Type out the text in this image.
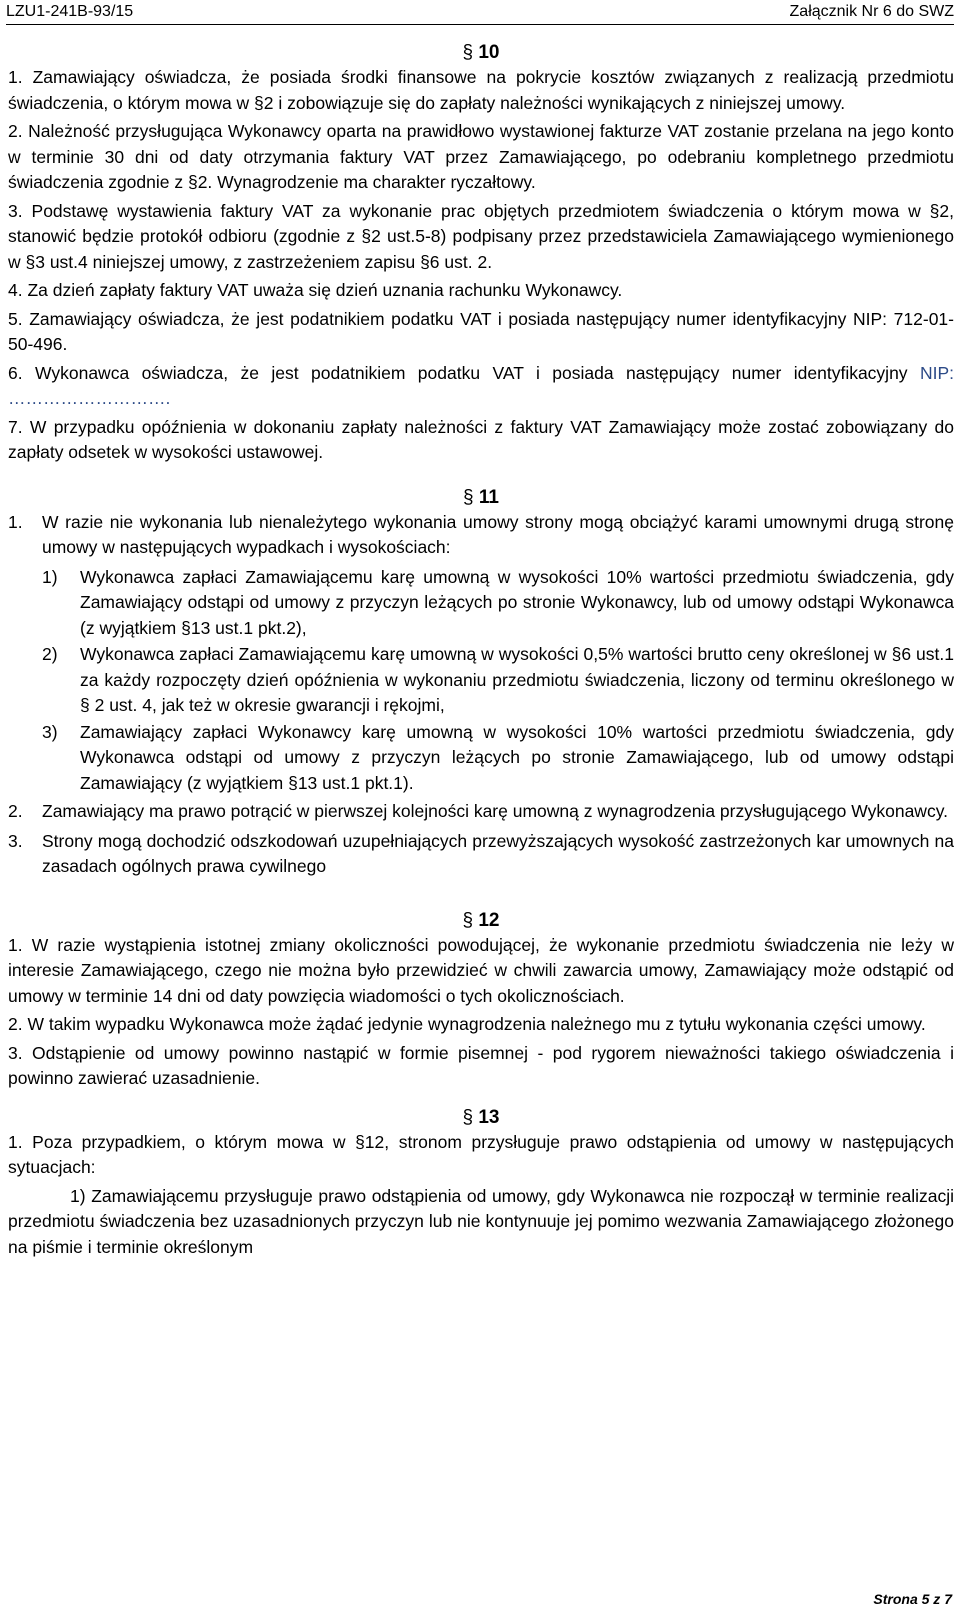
LZU1-241B-93/15	Załącznik Nr 6 do SWZ
§ 10

1. Zamawiający oświadcza, że posiada środki finansowe na pokrycie kosztów związanych z realizacją przedmiotu świadczenia, o którym mowa w §2 i zobowiązuje się do zapłaty należności wynikających z niniejszej umowy.

2. Należność przysługująca Wykonawcy oparta na prawidłowo wystawionej fakturze VAT zostanie przelana na jego konto w terminie 30 dni od daty otrzymania faktury VAT przez Zamawiającego, po odebraniu kompletnego przedmiotu świadczenia zgodnie z §2. Wynagrodzenie ma charakter ryczałtowy.

3. Podstawę wystawienia faktury VAT za wykonanie prac objętych przedmiotem świadczenia o którym mowa w §2, stanowić będzie protokół odbioru (zgodnie z §2 ust.5-8) podpisany przez przedstawiciela Zamawiającego wymienionego w §3 ust.4 niniejszej umowy, z zastrzeżeniem zapisu §6 ust. 2.

4. Za dzień zapłaty faktury VAT uważa się dzień uznania rachunku Wykonawcy.

5. Zamawiający oświadcza, że jest podatnikiem podatku VAT i posiada następujący numer identyfikacyjny NIP: 712-01-50-496.

6. Wykonawca oświadcza, że jest podatnikiem podatku VAT i posiada następujący numer identyfikacyjny NIP: ……………………….

7. W przypadku opóźnienia w dokonaniu zapłaty należności z faktury VAT Zamawiający może zostać zobowiązany do zapłaty odsetek w wysokości ustawowej.

§ 11
1. W razie nie wykonania lub nienależytego wykonania umowy strony mogą obciążyć karami umownymi drugą stronę umowy w następujących wypadkach i wysokościach:
1) Wykonawca zapłaci Zamawiającemu karę umowną w wysokości 10% wartości przedmiotu świadczenia, gdy Zamawiający odstąpi od umowy z przyczyn leżących po stronie Wykonawcy, lub od umowy odstąpi Wykonawca (z wyjątkiem §13 ust.1 pkt.2),
2) Wykonawca zapłaci Zamawiającemu karę umowną w wysokości 0,5% wartości brutto ceny określonej w §6 ust.1 za każdy rozpoczęty dzień opóźnienia w wykonaniu przedmiotu świadczenia, liczony od terminu określonego w § 2 ust. 4, jak też w okresie gwarancji i rękojmi,
3) Zamawiający zapłaci Wykonawcy karę umowną w wysokości 10% wartości przedmiotu świadczenia, gdy Wykonawca odstąpi od umowy z przyczyn leżących po stronie Zamawiającego, lub od umowy odstąpi Zamawiający (z wyjątkiem §13 ust.1 pkt.1).
2. Zamawiający ma prawo potrącić w pierwszej kolejności karę umowną z wynagrodzenia przysługującego Wykonawcy.
3. Strony mogą dochodzić odszkodowań uzupełniających przewyższających wysokość zastrzeżonych kar umownych na zasadach ogólnych prawa cywilnego
§ 12

1. W razie wystąpienia istotnej zmiany okoliczności powodującej, że wykonanie przedmiotu świadczenia nie leży w interesie Zamawiającego, czego nie można było przewidzieć w chwili zawarcia umowy, Zamawiający może odstąpić od umowy w terminie 14 dni od daty powzięcia wiadomości o tych okolicznościach.

2. W takim wypadku Wykonawca może żądać jedynie wynagrodzenia należnego mu z tytułu wykonania części umowy.

3. Odstąpienie od umowy powinno nastąpić w formie pisemnej - pod rygorem nieważności takiego oświadczenia i powinno zawierać uzasadnienie.

§ 13

1. Poza przypadkiem, o którym mowa w §12, stronom przysługuje prawo odstąpienia od umowy w następujących sytuacjach:

1) Zamawiającemu przysługuje prawo odstąpienia od umowy, gdy Wykonawca nie rozpoczął w terminie realizacji przedmiotu świadczenia bez uzasadnionych przyczyn lub nie kontynuuje jej pomimo wezwania Zamawiającego złożonego na piśmie i terminie określonym

Strona 5 z 7
